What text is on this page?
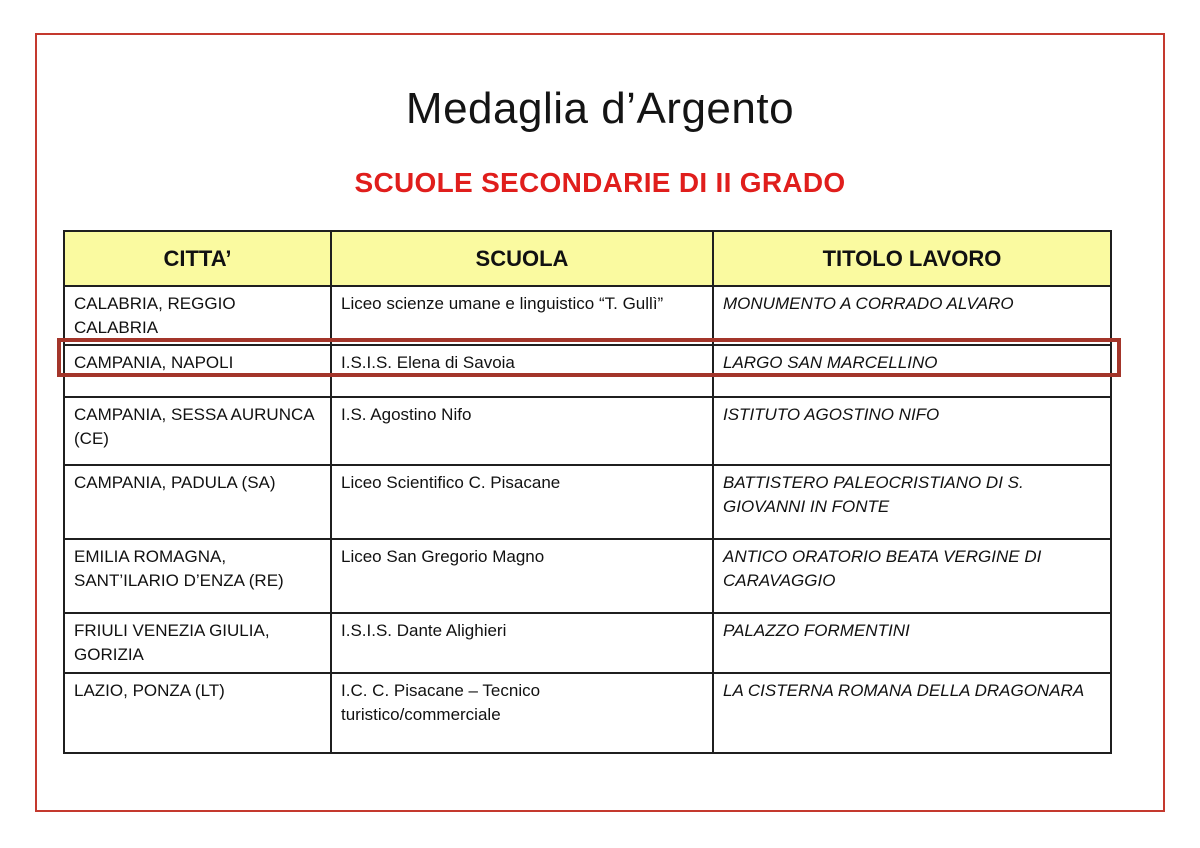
Medaglia d’Argento
SCUOLE SECONDARIE DI II GRADO
CITTA’	SCUOLA	TITOLO LAVORO
CALABRIA, REGGIO CALABRIA	Liceo scienze umane e linguistico “T. Gullì”	MONUMENTO A CORRADO ALVARO
CAMPANIA, NAPOLI	I.S.I.S. Elena di Savoia	LARGO SAN MARCELLINO
CAMPANIA, SESSA AURUNCA (CE)	I.S. Agostino Nifo	ISTITUTO AGOSTINO NIFO
CAMPANIA, PADULA (SA)	Liceo Scientifico C. Pisacane	BATTISTERO PALEOCRISTIANO DI S. GIOVANNI IN FONTE
EMILIA ROMAGNA, SANT’ILARIO D’ENZA (RE)	Liceo San Gregorio Magno	ANTICO ORATORIO BEATA VERGINE DI CARAVAGGIO
FRIULI VENEZIA GIULIA, GORIZIA	I.S.I.S. Dante Alighieri	PALAZZO FORMENTINI
LAZIO, PONZA (LT)	I.C. C. Pisacane – Tecnico turistico/commerciale	LA CISTERNA ROMANA DELLA DRAGONARA
